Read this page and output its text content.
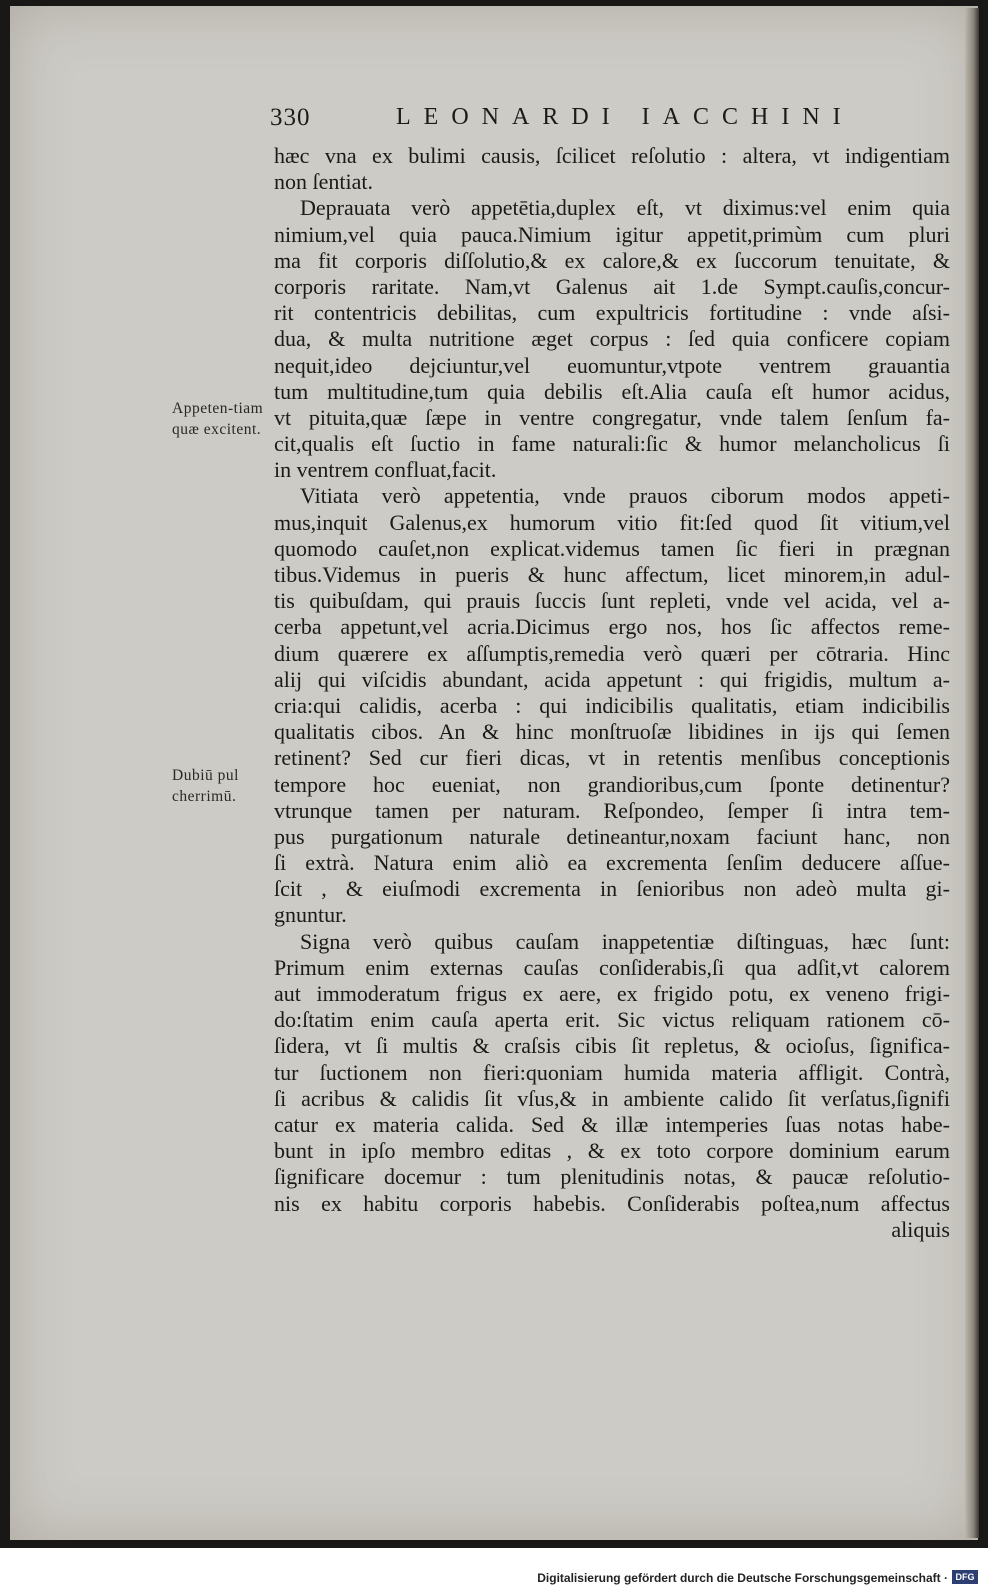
330	LEONARDI IACCHINI
Appeten-tiam quæ excitent.
Dubiū pul cherrimū.
hæc vna ex bulimi causis, ſcilicet reſolutio : altera, vt indigentiam
non ſentiat.
Deprauata verò appetētia,duplex eſt, vt diximus:vel enim quia
nimium,vel quia pauca.Nimium igitur appetit,primùm cum pluri
ma fit corporis diſſolutio,& ex calore,& ex ſuccorum tenuitate, &
corporis raritate. Nam,vt Galenus ait 1.de Sympt.cauſis,concur-
rit contentricis debilitas, cum expultricis fortitudine : vnde aſsi-
dua, & multa nutritione æget corpus : ſed quia conficere copiam
nequit,ideo dejciuntur,vel euomuntur,vtpote ventrem grauantia
tum multitudine,tum quia debilis eſt.Alia cauſa eſt humor acidus,
vt pituita,quæ ſæpe in ventre congregatur, vnde talem ſenſum fa-
cit,qualis eſt ſuctio in fame naturali:ſic & humor melancholicus ſi
in ventrem confluat,facit.
Vitiata verò appetentia, vnde prauos ciborum modos appeti-
mus,inquit Galenus,ex humorum vitio fit:ſed quod ſit vitium,vel
quomodo cauſet,non explicat.videmus tamen ſic fieri in prægnan
tibus.Videmus in pueris & hunc affectum, licet minorem,in adul-
tis quibuſdam, qui prauis ſuccis ſunt repleti, vnde vel acida, vel a-
cerba appetunt,vel acria.Dicimus ergo nos, hos ſic affectos reme-
dium quærere ex aſſumptis,remedia verò quæri per cōtraria. Hinc
alij qui viſcidis abundant, acida appetunt : qui frigidis, multum a-
cria:qui calidis, acerba : qui indicibilis qualitatis, etiam indicibilis
qualitatis cibos. An & hinc monſtruoſæ libidines in ijs qui ſemen
retinent? Sed cur fieri dicas, vt in retentis menſibus conceptionis
tempore hoc eueniat, non grandioribus,cum ſponte detinentur?
vtrunque tamen per naturam. Reſpondeo, ſemper ſi intra tem-
pus purgationum naturale detineantur,noxam faciunt hanc, non
ſi extrà. Natura enim aliò ea excrementa ſenſim deducere aſſue-
ſcit , & eiuſmodi excrementa in ſenioribus non adeò multa gi-
gnuntur.
Signa verò quibus cauſam inappetentiæ diſtinguas, hæc ſunt:
Primum enim externas cauſas conſiderabis,ſi qua adſit,vt calorem
aut immoderatum frigus ex aere, ex frigido potu, ex veneno frigi-
do:ſtatim enim cauſa aperta erit. Sic victus reliquam rationem cō-
ſidera, vt ſi multis & craſsis cibis ſit repletus, & ocioſus, ſignifica-
tur ſuctionem non fieri:quoniam humida materia affligit. Contrà,
ſi acribus & calidis ſit vſus,& in ambiente calido ſit verſatus,ſignifi
catur ex materia calida. Sed & illæ intemperies ſuas notas habe-
bunt in ipſo membro editas , & ex toto corpore dominium earum
ſignificare docemur : tum plenitudinis notas, & paucæ reſolutio-
nis ex habitu corporis habebis. Conſiderabis poſtea,num affectus
aliquis
Digitalisierung gefördert durch die Deutsche Forschungsgemeinschaft · DFG
